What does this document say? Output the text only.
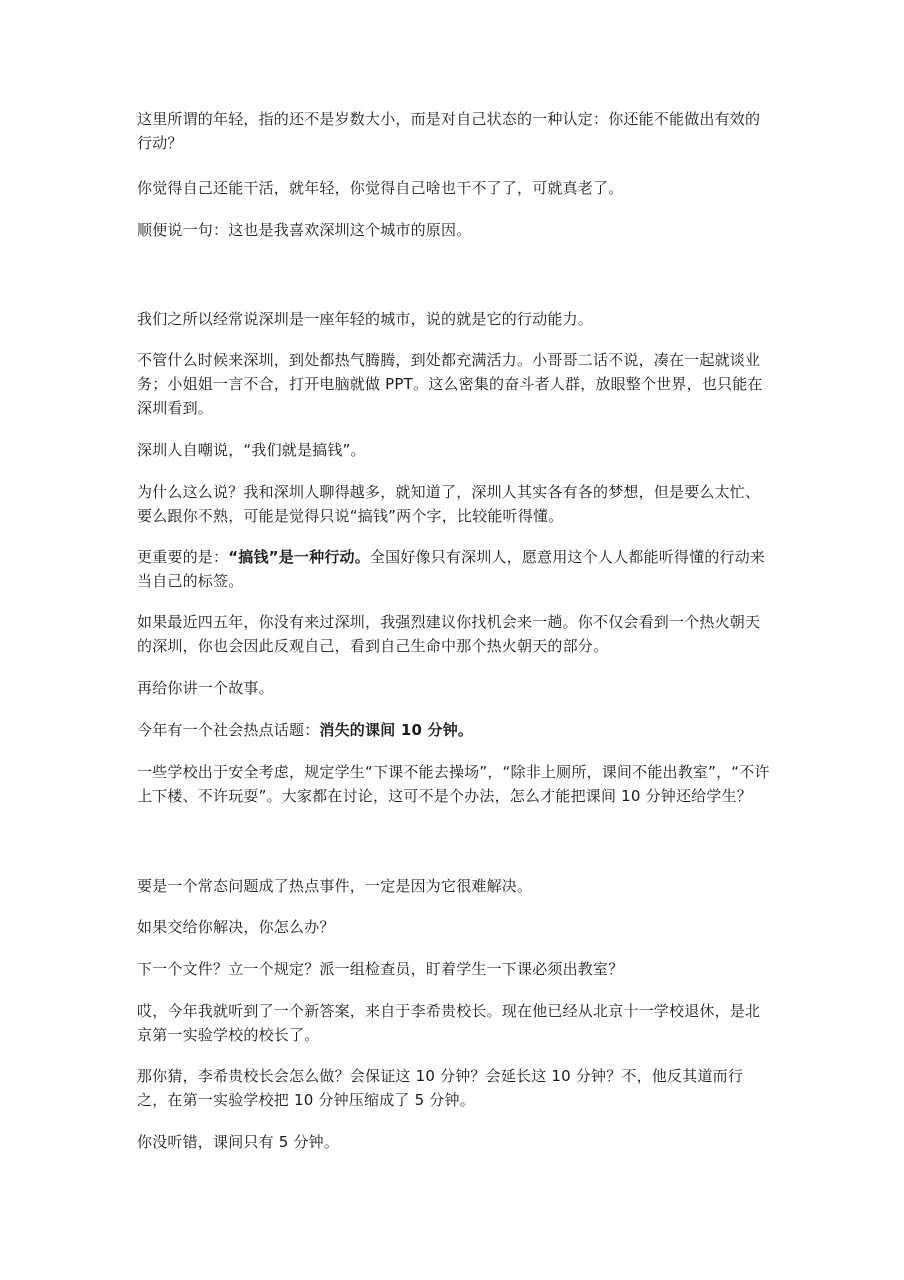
这里所谓的年轻，指的还不是岁数大小，而是对自己状态的一种认定：你还能不能做出有效的行动？

你觉得自己还能干活，就年轻，你觉得自己啥也干不了了，可就真老了。

顺便说一句：这也是我喜欢深圳这个城市的原因。

我们之所以经常说深圳是一座年轻的城市，说的就是它的行动能力。

不管什么时候来深圳，到处都热气腾腾，到处都充满活力。小哥哥二话不说，凑在一起就谈业务；小姐姐一言不合，打开电脑就做 PPT。这么密集的奋斗者人群，放眼整个世界，也只能在深圳看到。

深圳人自嘲说，“我们就是搞钱”。

为什么这么说？我和深圳人聊得越多，就知道了，深圳人其实各有各的梦想，但是要么太忙、要么跟你不熟，可能是觉得只说“搞钱”两个字，比较能听得懂。

更重要的是：“搞钱”是一种行动。全国好像只有深圳人，愿意用这个人人都能听得懂的行动来当自己的标签。

如果最近四五年，你没有来过深圳，我强烈建议你找机会来一趟。你不仅会看到一个热火朝天的深圳，你也会因此反观自己，看到自己生命中那个热火朝天的部分。

再给你讲一个故事。

今年有一个社会热点话题：消失的课间 10 分钟。

一些学校出于安全考虑，规定学生“下课不能去操场”，“除非上厕所，课间不能出教室”，“不许上下楼、不许玩耍”。大家都在讨论，这可不是个办法，怎么才能把课间 10 分钟还给学生？

要是一个常态问题成了热点事件，一定是因为它很难解决。

如果交给你解决，你怎么办？

下一个文件？立一个规定？派一组检查员，盯着学生一下课必须出教室？

哎，今年我就听到了一个新答案，来自于李希贵校长。现在他已经从北京十一学校退休，是北京第一实验学校的校长了。

那你猜，李希贵校长会怎么做？会保证这 10 分钟？会延长这 10 分钟？不，他反其道而行之，在第一实验学校把 10 分钟压缩成了 5 分钟。

你没听错，课间只有 5 分钟。
